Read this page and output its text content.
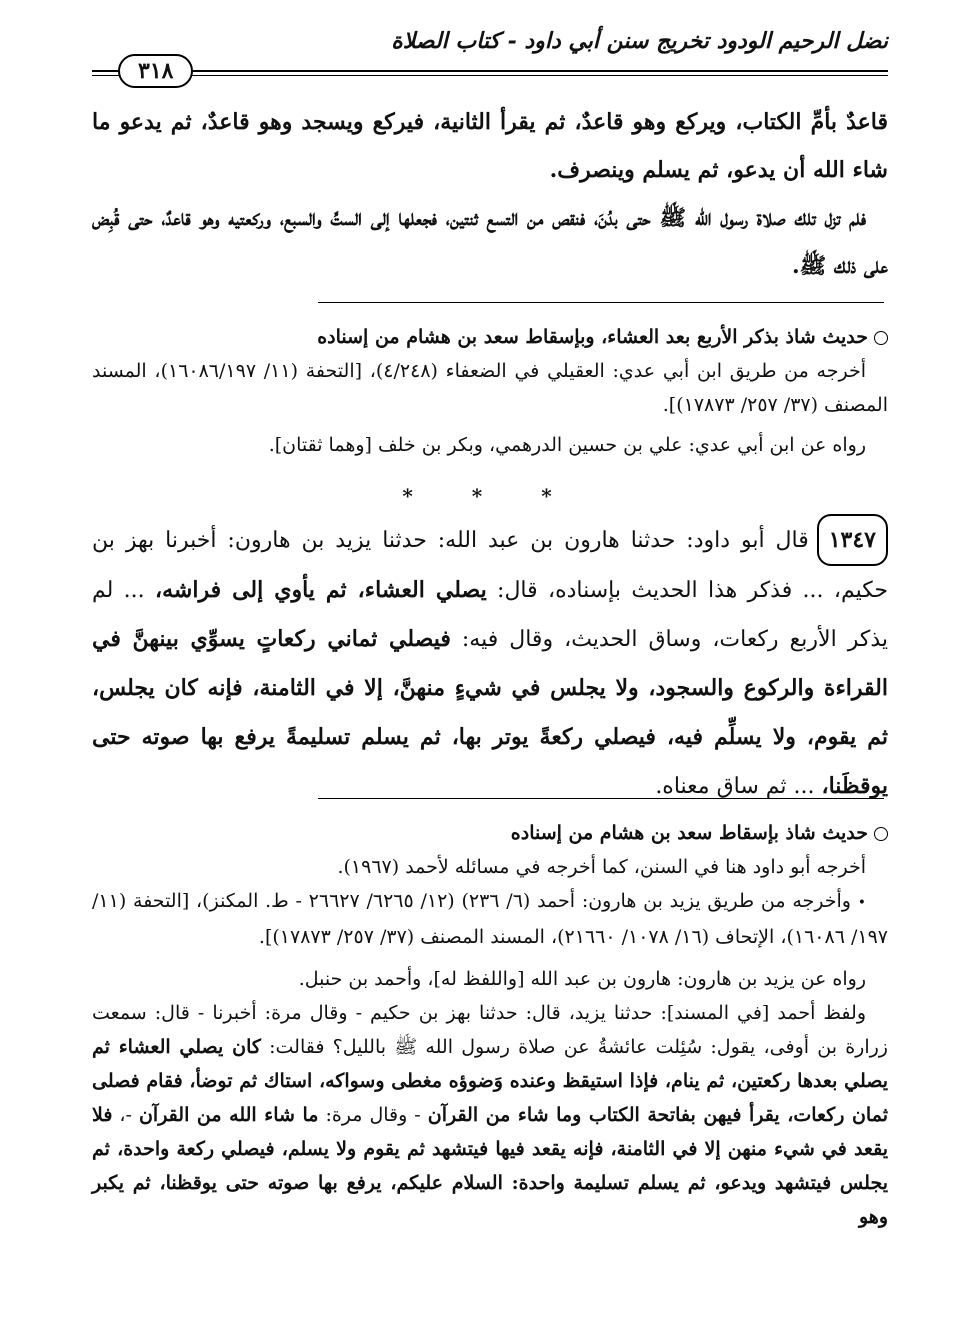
نضل الرحيم الودود تخريج سنن أبي داود - كتاب الصلاة
٣١٨

قاعدٌ بأمِّ الكتاب، ويركع وهو قاعدٌ، ثم يقرأ الثانية، فيركع ويسجد وهو قاعدٌ، ثم يدعو ما شاء الله أن يدعو، ثم يسلم وينصرف.

فلم تزل تلك صلاة رسول الله ﷺ حتى بدُنَ، فنقص من التسع ثنتين، فجعلها إلى الستِّ والسبع، وركعتيه وهو قاعدٌ، حتى قُبِض على ذلك ﷺ.

حديث شاذ بذكر الأربع بعد العشاء، وبإسقاط سعد بن هشام من إسناده

أخرجه من طريق ابن أبي عدي: العقيلي في الضعفاء (٤/٢٤٨)، [التحفة (١١/ ١٦٠٨٦/١٩٧)، المسند المصنف (٣٧/ ٢٥٧/ ١٧٨٧٣)].

رواه عن ابن أبي عدي: علي بن حسين الدرهمي، وبكر بن خلف [وهما ثقتان].

* * *

١٣٤٧قال أبو داود: حدثنا هارون بن عبد الله: حدثنا يزيد بن هارون: أخبرنا بهز بن حكيم، ... فذكر هذا الحديث بإسناده، قال: يصلي العشاء، ثم يأوي إلى فراشه، ... لم يذكر الأربع ركعات، وساق الحديث، وقال فيه: فيصلي ثماني ركعاتٍ يسوِّي بينهنَّ في القراءة والركوع والسجود، ولا يجلس في شيءٍ منهنَّ، إلا في الثامنة، فإنه كان يجلس، ثم يقوم، ولا يسلِّم فيه، فيصلي ركعةً يوتر بها، ثم يسلم تسليمةً يرفع بها صوته حتى يوقظَنا، ... ثم ساق معناه.

حديث شاذ بإسقاط سعد بن هشام من إسناده

أخرجه أبو داود هنا في السنن، كما أخرجه في مسائله لأحمد (١٩٦٧).

• وأخرجه من طريق يزيد بن هارون: أحمد (٦/ ٢٣٦) (١٢/ ٦٢٦٥/ ٢٦٦٢٧ - ط. المكنز)، [التحفة (١١/ ١٩٧/ ١٦٠٨٦)، الإتحاف (١٦/ ١٠٧٨/ ٢١٦٦٠)، المسند المصنف (٣٧/ ٢٥٧/ ١٧٨٧٣)].

رواه عن يزيد بن هارون: هارون بن عبد الله [واللفظ له]، وأحمد بن حنبل.

ولفظ أحمد [في المسند]: حدثنا يزيد، قال: حدثنا بهز بن حكيم - وقال مرة: أخبرنا - قال: سمعت زرارة بن أوفى، يقول: سُئِلت عائشةُ عن صلاة رسول الله ﷺ بالليل؟ فقالت: كان يصلي العشاء ثم يصلي بعدها ركعتين، ثم ينام، فإذا استيقظ وعنده وَضوؤه مغطى وسواكه، استاك ثم توضأ، فقام فصلى ثمان ركعات، يقرأ فيهن بفاتحة الكتاب وما شاء من القرآن - وقال مرة: ما شاء الله من القرآن -، فلا يقعد في شيء منهن إلا في الثامنة، فإنه يقعد فيها فيتشهد ثم يقوم ولا يسلم، فيصلي ركعة واحدة، ثم يجلس فيتشهد ويدعو، ثم يسلم تسليمة واحدة: السلام عليكم، يرفع بها صوته حتى يوقظنا، ثم يكبر وهو
